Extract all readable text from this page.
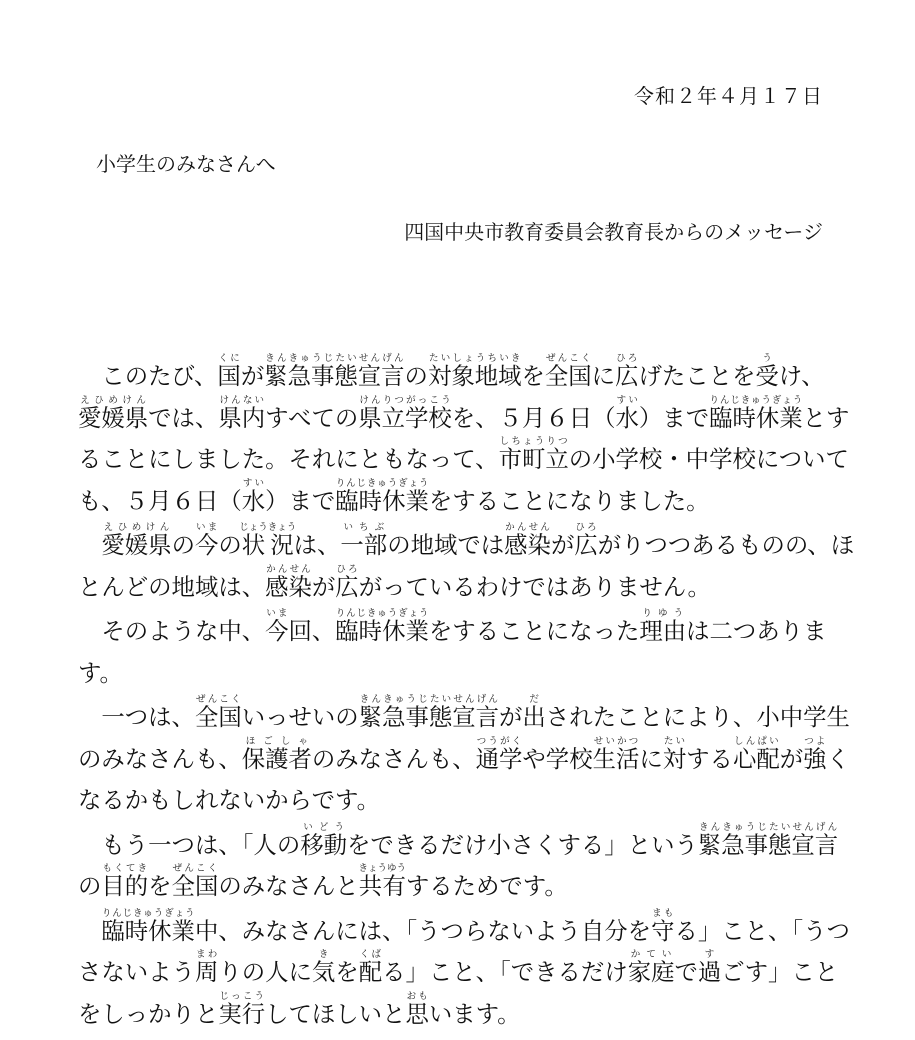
令和２年４月１７日
小学生のみなさんへ
四国中央市教育委員会教育長からのメッセージ

このたび、国くにが緊急事態宣言きんきゅうじたいせんげんの対象地域たいしょうちいきを全国ぜんこくに広ひろげたことを受うけ、愛媛県えひめけんでは、県内けんないすべての県立学校けんりつがっこうを、５月６日（水すい）まで臨時休業りんじきゅうぎょうとすることにしました。それにともなって、市町立しちょうりつの小学校・中学校についても、５月６日（水すい）まで臨時休業りんじきゅうぎょうをすることになりました。

愛媛県えひめけんの今いまの状況じょうきょうは、一部いちぶの地域では感染かんせんが広ひろがりつつあるものの、ほとんどの地域は、感染かんせんが広ひろがっているわけではありません。

そのような中、今いま回、臨時休業りんじきゅうぎょうをすることになった理由りゆうは二つあります。

一つは、全国ぜんこくいっせいの緊急事態宣言きんきゅうじたいせんげんが出だされたことにより、小中学生のみなさんも、保護者ほごしゃのみなさんも、通学つうがくや学校生活せいかつに対たいする心配しんぱいが強つよくなるかもしれないからです。

もう一つは、「人の移動いどうをできるだけ小さくする」という緊急事態宣言きんきゅうじたいせんげんの目的もくてきを全国ぜんこくのみなさんと共有きょうゆうするためです。

臨時休業りんじきゅうぎょう中、みなさんには、「うつらないよう自分を守まもる」こと、「うつさないよう周まわりの人に気きを配くばる」こと、「できるだけ家庭かていで過すごす」ことをしっかりと実行じっこうしてほしいと思おもいます。
